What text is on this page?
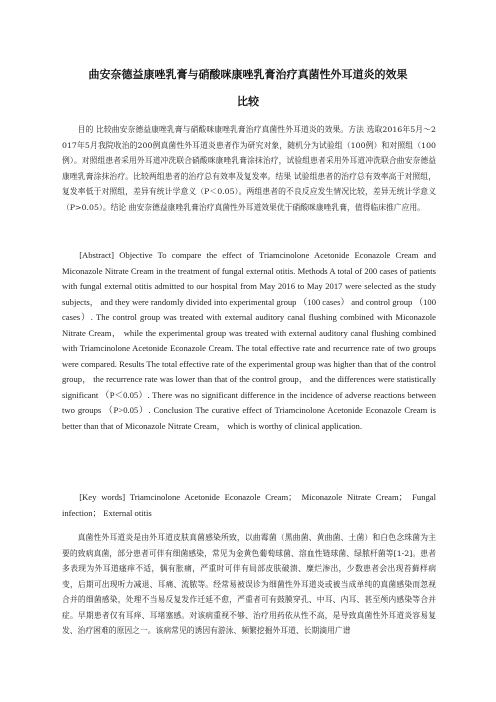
曲安奈德益康唑乳膏与硝酸咪康唑乳膏治疗真菌性外耳道炎的效果
比较

目的 比较曲安奈德益康唑乳膏与硝酸咪康唑乳膏治疗真菌性外耳道炎的效果。方法 选取2016年5月～2017年5月我院收治的200例真菌性外耳道炎患者作为研究对象，随机分为试验组（100例）和对照组（100例）。对照组患者采用外耳道冲洗联合硝酸咪康唑乳膏涂抹治疗，试验组患者采用外耳道冲洗联合曲安奈德益康唑乳膏涂抹治疗。比较两组患者的治疗总有效率及复发率。结果 试验组患者的治疗总有效率高于对照组，复发率低于对照组，差异有统计学意义（P＜0.05）。两组患者的不良反应发生情况比较，差异无统计学意义（P>0.05）。结论 曲安奈德益康唑乳膏治疗真菌性外耳道效果优于硝酸咪康唑乳膏，值得临床推广应用。

[Abstract] Objective To compare the effect of Triamcinolone Acetonide Econazole Cream and Miconazole Nitrate Cream in the treatment of fungal external otitis. Methods A total of 200 cases of patients with fungal external otitis admitted to our hospital from May 2016 to May 2017 were selected as the study subjects， and they were randomly divided into experimental group （100 cases） and control group （100 cases）. The control group was treated with external auditory canal flushing combined with Miconazole Nitrate Cream， while the experimental group was treated with external auditory canal flushing combined with Triamcinolone Acetonide Econazole Cream. The total effective rate and recurrence rate of two groups were compared. Results The total effective rate of the experimental group was higher than that of the control group， the recurrence rate was lower than that of the control group， and the differences were statistically significant （P＜0.05）. There was no significant difference in the incidence of adverse reactions between two groups （P>0.05）. Conclusion The curative effect of Triamcinolone Acetonide Econazole Cream is better than that of Miconazole Nitrate Cream， which is worthy of clinical application.

[Key words] Triamcinolone Acetonide Econazole Cream； Miconazole Nitrate Cream； Fungal infection； External otitis

真菌性外耳道炎是由外耳道皮肤真菌感染所致，以曲霉菌（黑曲菌、黄曲菌、土菌）和白色念珠菌为主要的致病真菌，部分患者可伴有细菌感染，常见为金黄色葡萄球菌、溶血性链球菌、绿脓杆菌等[1-2]。患者多表现为外耳道瘙痒不适，偶有胀痛，严重时可伴有局部皮肤破溃、糜烂渗出，少数患者会出现苔藓样病变，后期可出现听力减退、耳痛、流脓等。经常易被误诊为细菌性外耳道炎或被当成单纯的真菌感染而忽视合并的细菌感染，处理不当易反复发作迁延不愈，严重者可有鼓膜穿孔、中耳、内耳、甚至颅内感染等合并症。早期患者仅有耳痒、耳堵塞感。对该病重视不够、治疗用药依从性不高，是导致真菌性外耳道炎容易复发、治疗困难的原因之一。该病常见的诱因有游泳、频繁挖掘外耳道、长期滴用广谱
